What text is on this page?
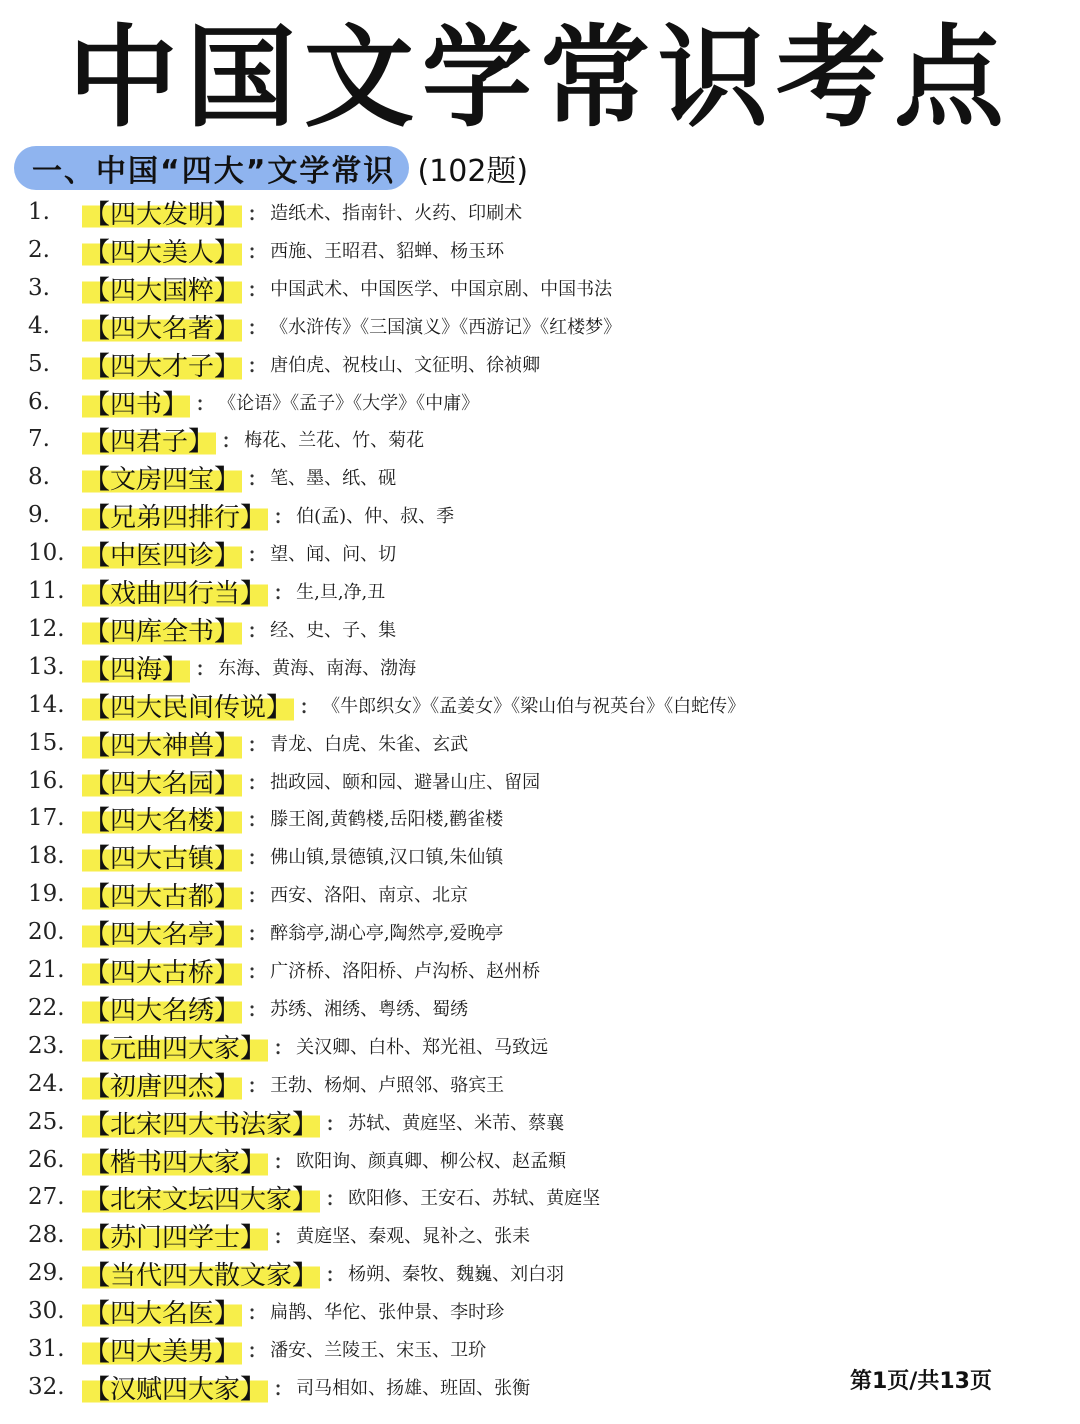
中国文学常识考点
一、中国“四大”文学常识 (102题)
1.	【四大发明】 : 造纸术、指南针、火药、印刷术
2.	【四大美人】 : 西施、王昭君、貂蝉、杨玉环
3.	【四大国粹】 : 中国武术、中国医学、中国京剧、中国书法
4.	【四大名著】 : 《水浒传》《三国演义》《西游记》《红楼梦》
5.	【四大才子】 : 唐伯虎、祝枝山、文征明、徐祯卿
6.	【四书】 : 《论语》《孟子》《大学》《中庸》
7.	【四君子】 : 梅花、兰花、竹、菊花
8.	【文房四宝】 : 笔、墨、纸、砚
9.	【兄弟四排行】 : 伯(孟)、仲、叔、季
10. 【中医四诊】 : 望、闻、问、切
11. 【戏曲四行当】 : 生,旦,净,丑
12. 【四库全书】 : 经、史、子、集
13. 【四海】 : 东海、黄海、南海、渤海
14. 【四大民间传说】 : 《牛郎织女》《孟姜女》《梁山伯与祝英台》《白蛇传》
15. 【四大神兽】 : 青龙、白虎、朱雀、玄武
16. 【四大名园】 : 拙政园、颐和园、避暑山庄、留园
17. 【四大名楼】 : 滕王阁,黄鹤楼,岳阳楼,鹳雀楼
18. 【四大古镇】 : 佛山镇,景德镇,汉口镇,朱仙镇
19. 【四大古都】 : 西安、洛阳、南京、北京
20. 【四大名亭】 : 醉翁亭,湖心亭,陶然亭,爱晚亭
21. 【四大古桥】 : 广济桥、洛阳桥、卢沟桥、赵州桥
22. 【四大名绣】 : 苏绣、湘绣、粤绣、蜀绣
23. 【元曲四大家】 : 关汉卿、白朴、郑光祖、马致远
24. 【初唐四杰】 : 王勃、杨炯、卢照邻、骆宾王
25. 【北宋四大书法家】 : 苏轼、黄庭坚、米芾、蔡襄
26. 【楷书四大家】 : 欧阳询、颜真卿、柳公权、赵孟頫
27. 【北宋文坛四大家】 : 欧阳修、王安石、苏轼、黄庭坚
28. 【苏门四学士】 : 黄庭坚、秦观、晁补之、张耒
29. 【当代四大散文家】 : 杨朔、秦牧、魏巍、刘白羽
30. 【四大名医】 : 扁鹊、华佗、张仲景、李时珍
31. 【四大美男】 : 潘安、兰陵王、宋玉、卫玠
32. 【汉赋四大家】 : 司马相如、扬雄、班固、张衡	第1页/共13页
